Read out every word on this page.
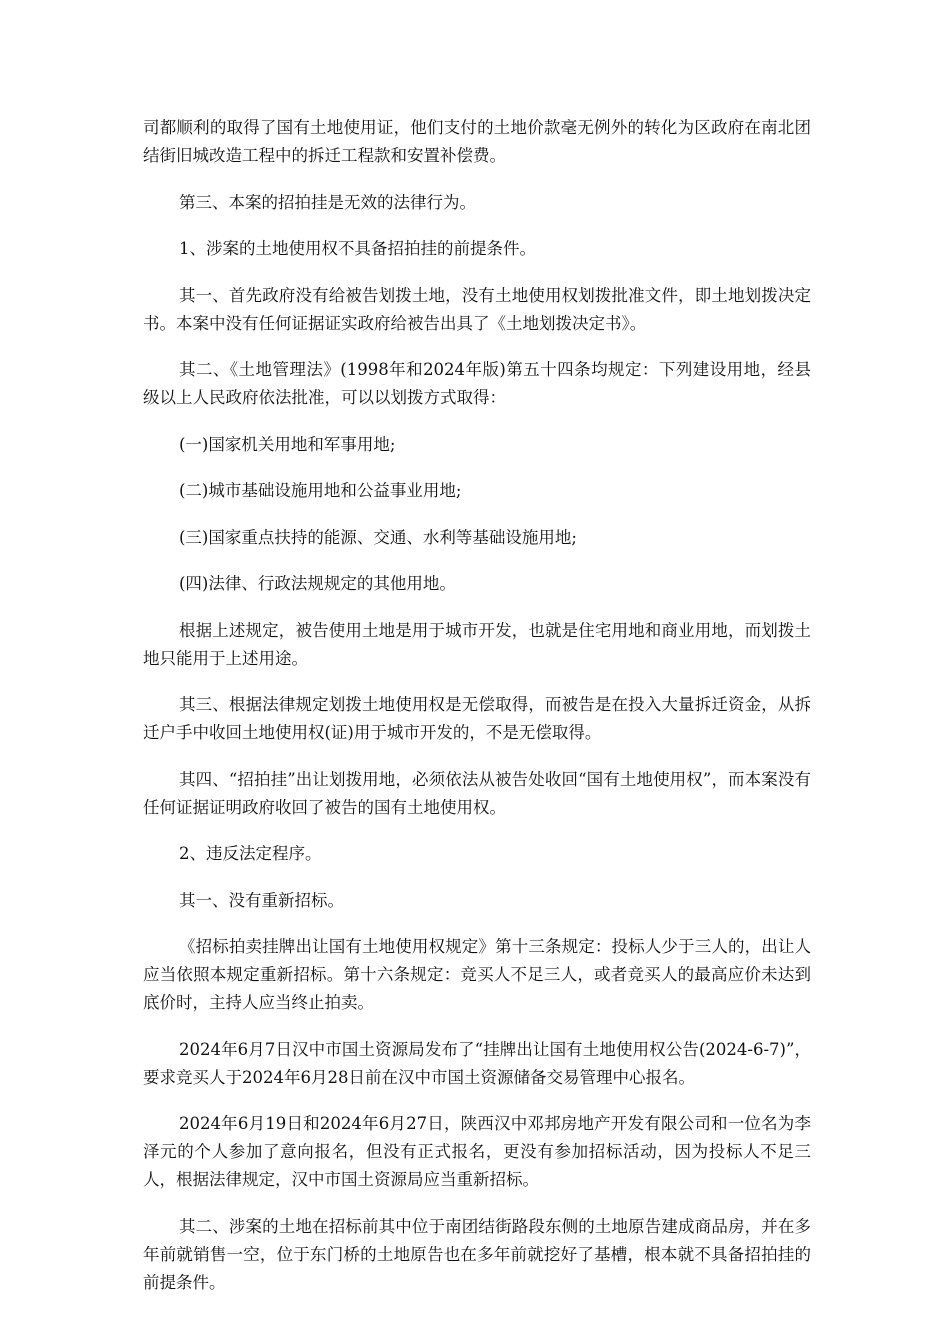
司都顺利的取得了国有土地使用证，他们支付的土地价款毫无例外的转化为区政府在南北团结街旧城改造工程中的拆迁工程款和安置补偿费。

第三、本案的招拍挂是无效的法律行为。

1、涉案的土地使用权不具备招拍挂的前提条件。

其一、首先政府没有给被告划拨土地，没有土地使用权划拨批准文件，即土地划拨决定书。本案中没有任何证据证实政府给被告出具了《土地划拨决定书》。

其二、《土地管理法》(1998年和2024年版)第五十四条均规定：下列建设用地，经县级以上人民政府依法批准，可以以划拨方式取得：

(一)国家机关用地和军事用地;

(二)城市基础设施用地和公益事业用地;

(三)国家重点扶持的能源、交通、水利等基础设施用地;

(四)法律、行政法规规定的其他用地。

根据上述规定，被告使用土地是用于城市开发，也就是住宅用地和商业用地，而划拨土地只能用于上述用途。

其三、根据法律规定划拨土地使用权是无偿取得，而被告是在投入大量拆迁资金，从拆迁户手中收回土地使用权(证)用于城市开发的，不是无偿取得。

其四、“招拍挂”出让划拨用地，必须依法从被告处收回“国有土地使用权”，而本案没有任何证据证明政府收回了被告的国有土地使用权。

2、违反法定程序。

其一、没有重新招标。

《招标拍卖挂牌出让国有土地使用权规定》第十三条规定：投标人少于三人的，出让人应当依照本规定重新招标。第十六条规定：竞买人不足三人，或者竞买人的最高应价未达到底价时，主持人应当终止拍卖。

2024年6月7日汉中市国土资源局发布了“挂牌出让国有土地使用权公告(2024-6-7)”，要求竞买人于2024年6月28日前在汉中市国土资源储备交易管理中心报名。

2024年6月19日和2024年6月27日，陕西汉中邓邦房地产开发有限公司和一位名为李泽元的个人参加了意向报名，但没有正式报名，更没有参加招标活动，因为投标人不足三人，根据法律规定，汉中市国土资源局应当重新招标。

其二、涉案的土地在招标前其中位于南团结街路段东侧的土地原告建成商品房，并在多年前就销售一空，位于东门桥的土地原告也在多年前就挖好了基槽，根本就不具备招拍挂的前提条件。
